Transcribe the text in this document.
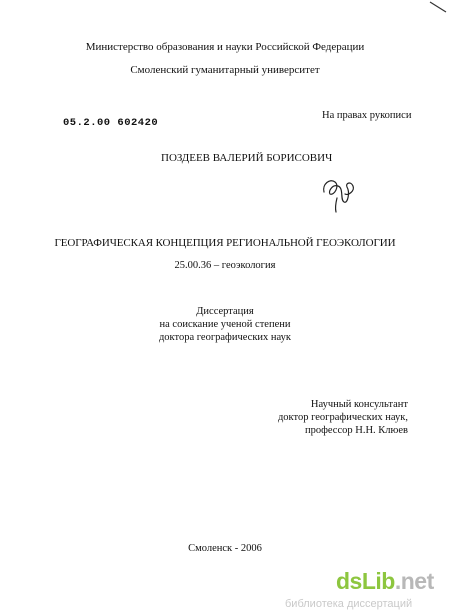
Министерство образования и науки Российской Федерации
Смоленский гуманитарный университет
05.2.00 602420
На правах рукописи
ПОЗДЕЕВ ВАЛЕРИЙ БОРИСОВИЧ
ГЕОГРАФИЧЕСКАЯ КОНЦЕПЦИЯ РЕГИОНАЛЬНОЙ ГЕОЭКОЛОГИИ
25.00.36 – геоэкология
Диссертация
на соискание ученой степени
доктора географических наук
Научный консультант
доктор географических наук,
профессор Н.Н. Клюев
Смоленск - 2006
dsLib.net
библиотека диссертаций
